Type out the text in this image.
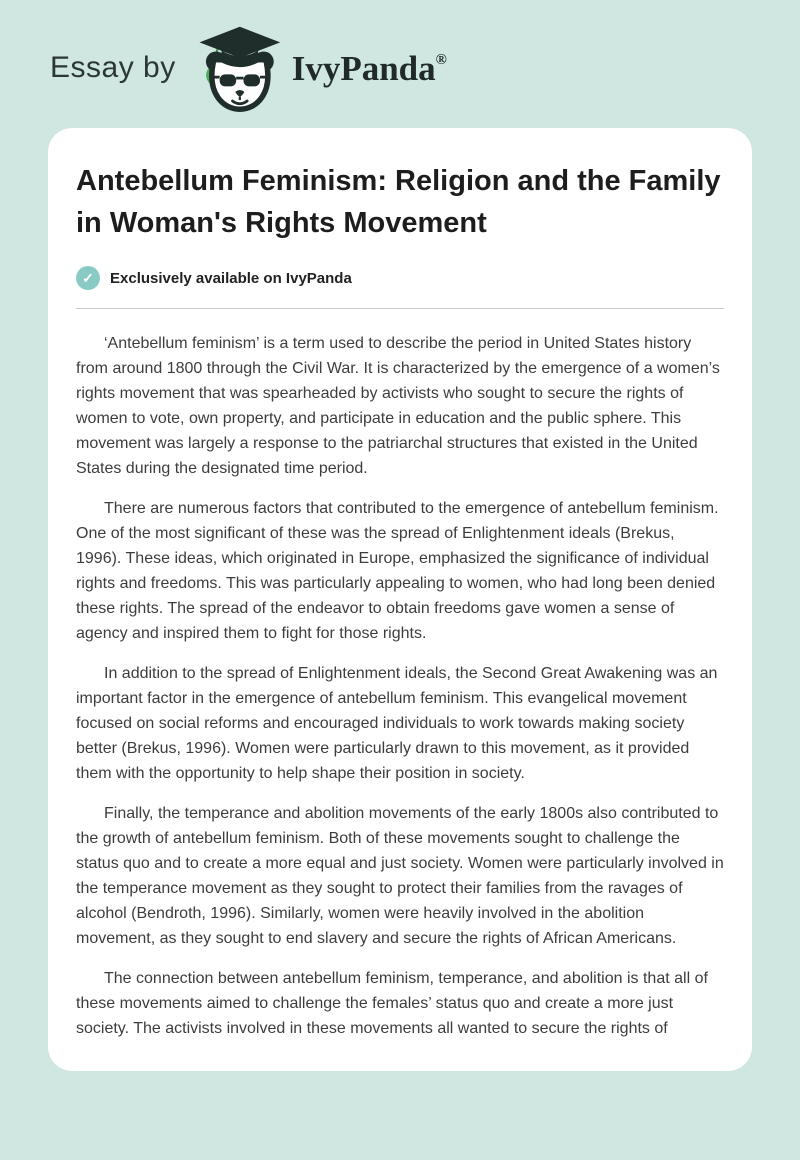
Essay by	IvyPanda®
Antebellum Feminism: Religion and the Family in Woman's Rights Movement
✓	Exclusively available on IvyPanda

‘Antebellum feminism’ is a term used to describe the period in United States history from around 1800 through the Civil War. It is characterized by the emergence of a women’s rights movement that was spearheaded by activists who sought to secure the rights of women to vote, own property, and participate in education and the public sphere. This movement was largely a response to the patriarchal structures that existed in the United States during the designated time period.

There are numerous factors that contributed to the emergence of antebellum feminism. One of the most significant of these was the spread of Enlightenment ideals (Brekus, 1996). These ideas, which originated in Europe, emphasized the significance of individual rights and freedoms. This was particularly appealing to women, who had long been denied these rights. The spread of the endeavor to obtain freedoms gave women a sense of agency and inspired them to fight for those rights.

In addition to the spread of Enlightenment ideals, the Second Great Awakening was an important factor in the emergence of antebellum feminism. This evangelical movement focused on social reforms and encouraged individuals to work towards making society better (Brekus, 1996). Women were particularly drawn to this movement, as it provided them with the opportunity to help shape their position in society.

Finally, the temperance and abolition movements of the early 1800s also contributed to the growth of antebellum feminism. Both of these movements sought to challenge the status quo and to create a more equal and just society. Women were particularly involved in the temperance movement as they sought to protect their families from the ravages of alcohol (Bendroth, 1996). Similarly, women were heavily involved in the abolition movement, as they sought to end slavery and secure the rights of African Americans.

The connection between antebellum feminism, temperance, and abolition is that all of these movements aimed to challenge the females’ status quo and create a more just society. The activists involved in these movements all wanted to secure the rights of
